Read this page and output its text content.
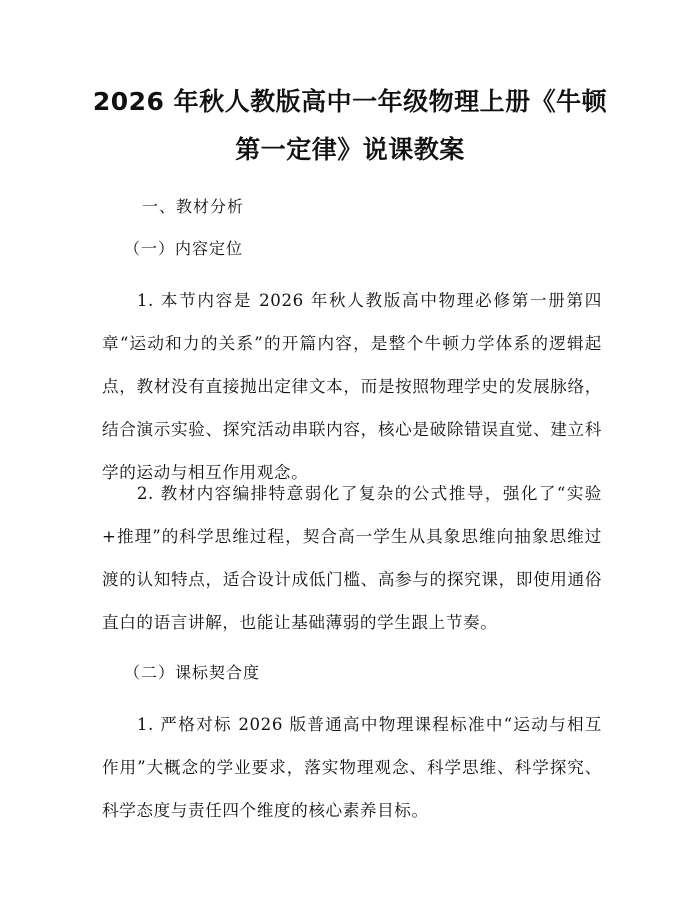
2026 年秋人教版高中一年级物理上册《牛顿
第一定律》说课教案

一、教材分析

（一）内容定位

1. 本节内容是 2026 年秋人教版高中物理必修第一册第四章“运动和力的关系”的开篇内容，是整个牛顿力学体系的逻辑起点，教材没有直接抛出定律文本，而是按照物理学史的发展脉络，结合演示实验、探究活动串联内容，核心是破除错误直觉、建立科学的运动与相互作用观念。

2. 教材内容编排特意弱化了复杂的公式推导，强化了“实验+推理”的科学思维过程，契合高一学生从具象思维向抽象思维过渡的认知特点，适合设计成低门槛、高参与的探究课，即使用通俗直白的语言讲解，也能让基础薄弱的学生跟上节奏。

（二）课标契合度

1. 严格对标 2026 版普通高中物理课程标准中“运动与相互作用”大概念的学业要求，落实物理观念、科学思维、科学探究、科学态度与责任四个维度的核心素养目标。
